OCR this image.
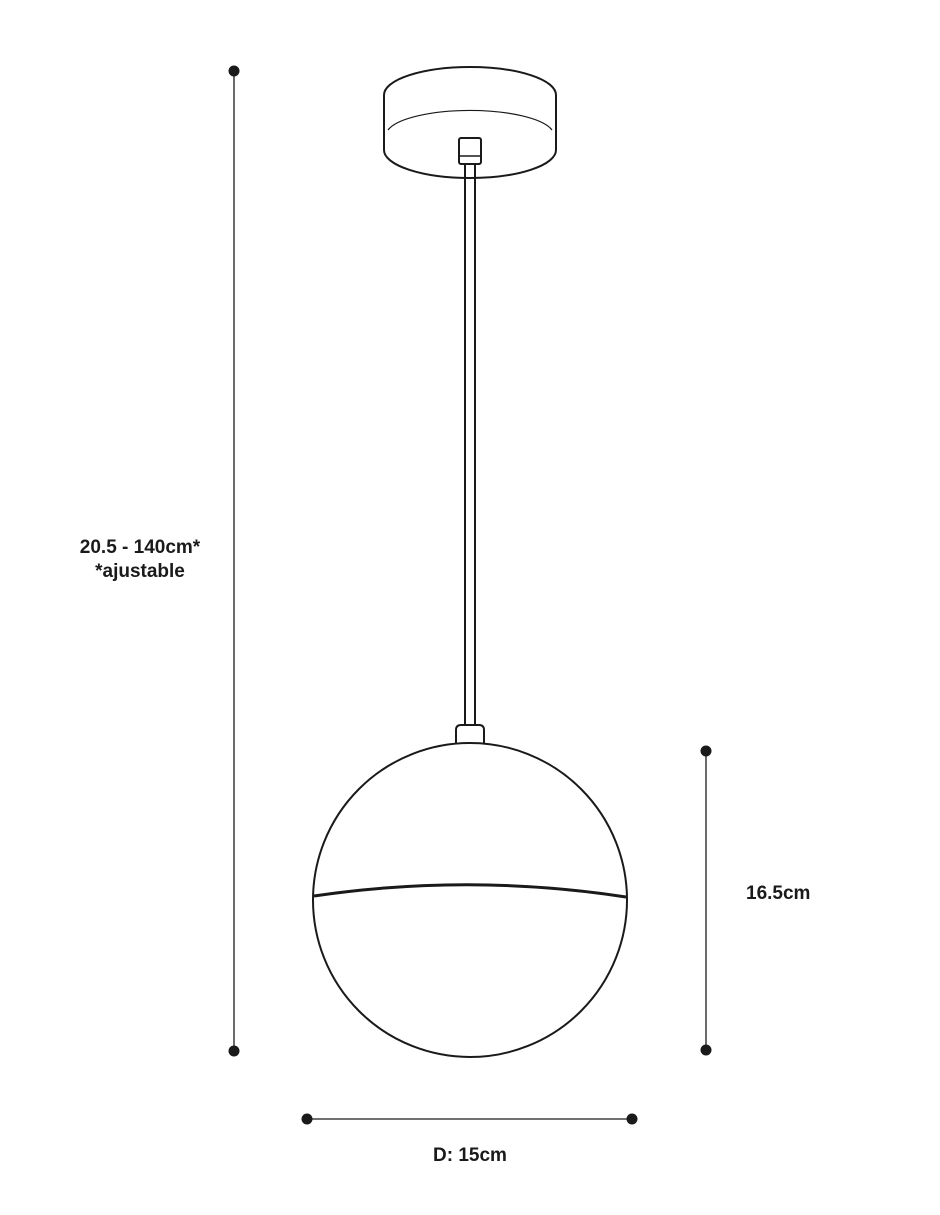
20.5 - 140cm*
*ajustable
16.5cm
D: 15cm
